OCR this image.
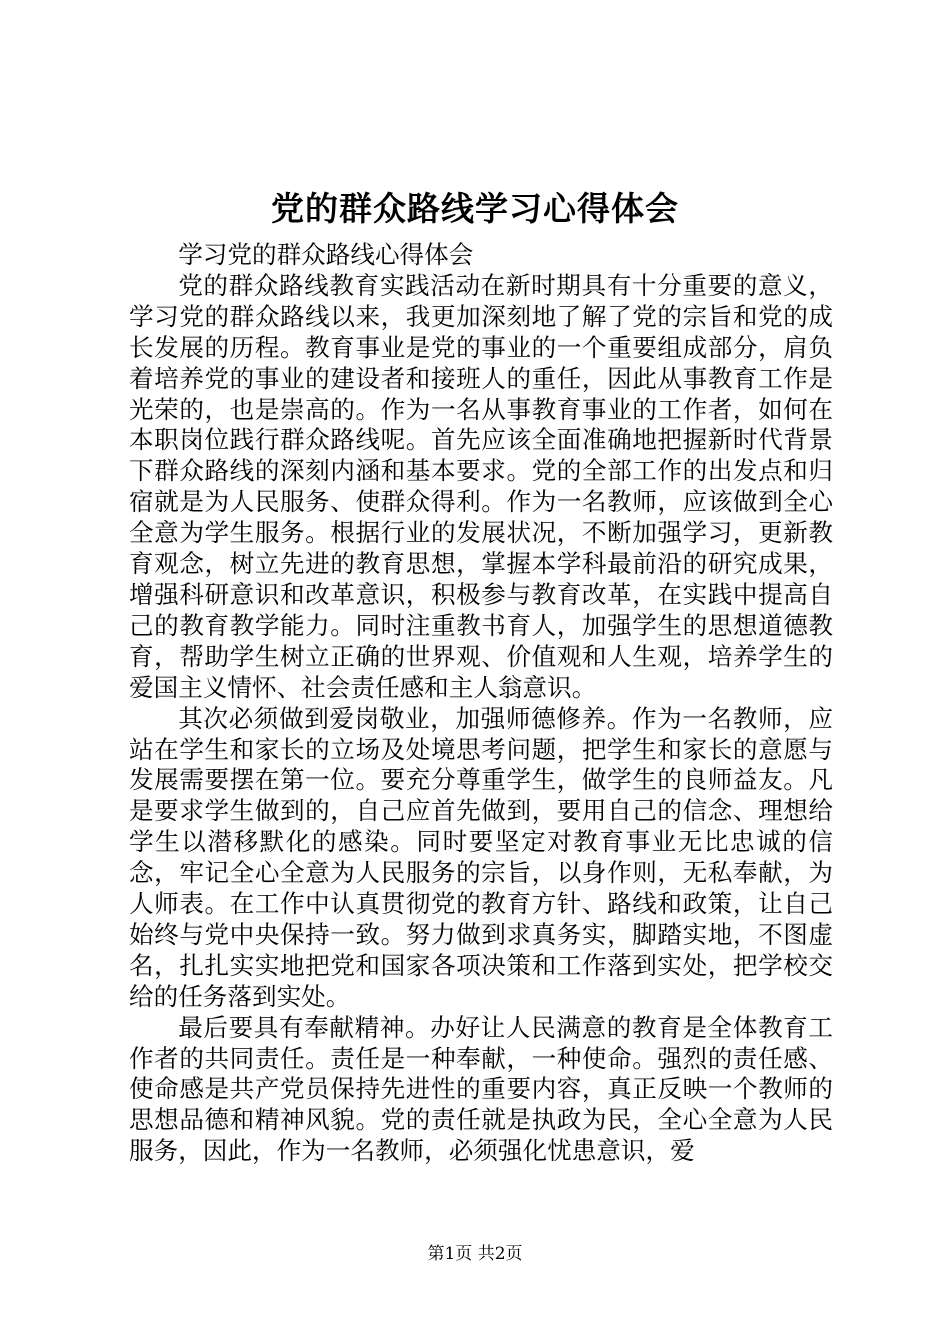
党的群众路线学习心得体会

学习党的群众路线心得体会

党的群众路线教育实践活动在新时期具有十分重要的意义，学习党的群众路线以来，我更加深刻地了解了党的宗旨和党的成长发展的历程。教育事业是党的事业的一个重要组成部分，肩负着培养党的事业的建设者和接班人的重任，因此从事教育工作是光荣的，也是崇高的。作为一名从事教育事业的工作者，如何在本职岗位践行群众路线呢。首先应该全面准确地把握新时代背景下群众路线的深刻内涵和基本要求。党的全部工作的出发点和归宿就是为人民服务、使群众得利。作为一名教师，应该做到全心全意为学生服务。根据行业的发展状况，不断加强学习，更新教育观念，树立先进的教育思想，掌握本学科最前沿的研究成果，增强科研意识和改革意识，积极参与教育改革，在实践中提高自己的教育教学能力。同时注重教书育人，加强学生的思想道德教育，帮助学生树立正确的世界观、价值观和人生观，培养学生的爱国主义情怀、社会责任感和主人翁意识。

其次必须做到爱岗敬业，加强师德修养。作为一名教师，应站在学生和家长的立场及处境思考问题，把学生和家长的意愿与发展需要摆在第一位。要充分尊重学生，做学生的良师益友。凡是要求学生做到的，自己应首先做到，要用自己的信念、理想给学生以潜移默化的感染。同时要坚定对教育事业无比忠诚的信念，牢记全心全意为人民服务的宗旨，以身作则，无私奉献，为人师表。在工作中认真贯彻党的教育方针、路线和政策，让自己始终与党中央保持一致。努力做到求真务实，脚踏实地，不图虚名，扎扎实实地把党和国家各项决策和工作落到实处，把学校交给的任务落到实处。

最后要具有奉献精神。办好让人民满意的教育是全体教育工作者的共同责任。责任是一种奉献，一种使命。强烈的责任感、使命感是共产党员保持先进性的重要内容，真正反映一个教师的思想品德和精神风貌。党的责任就是执政为民，全心全意为人民服务，因此，作为一名教师，必须强化忧患意识，爱

第1页 共2页
